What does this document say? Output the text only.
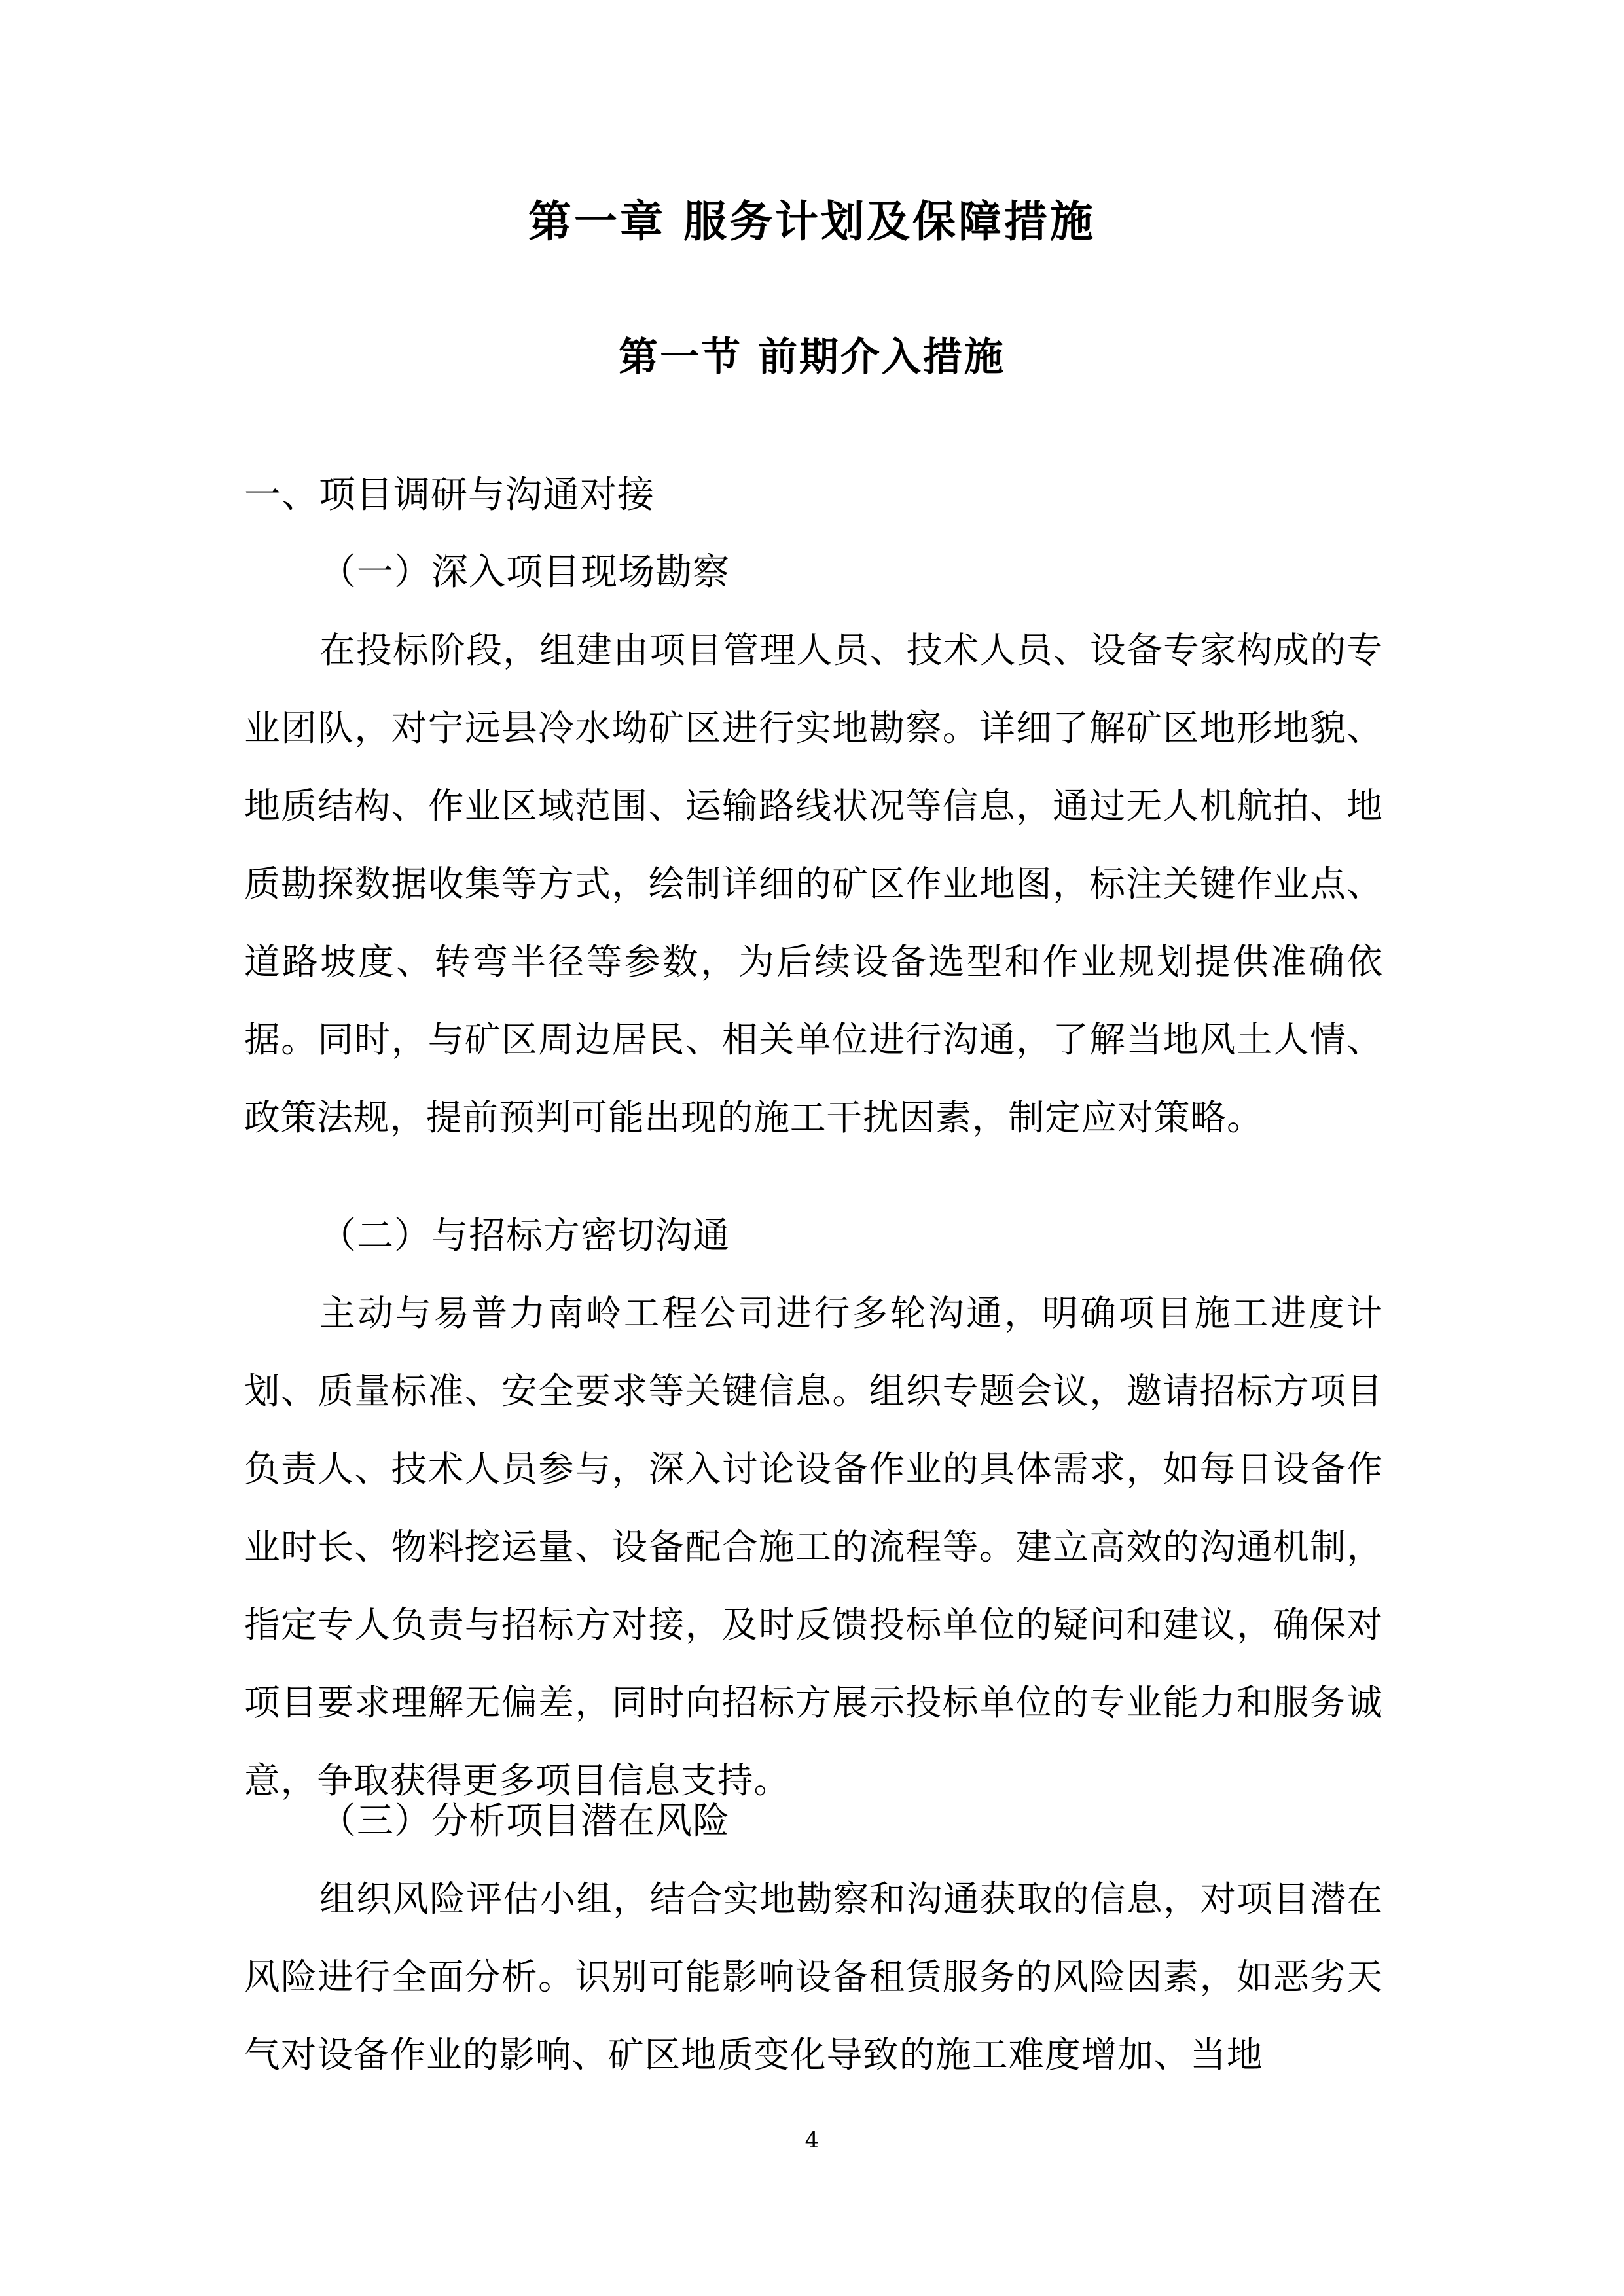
第一章 服务计划及保障措施
第一节 前期介入措施
一、项目调研与沟通对接
（一）深入项目现场勘察

在投标阶段，组建由项目管理人员、技术人员、设备专家构成的专业团队，对宁远县冷水坳矿区进行实地勘察。详细了解矿区地形地貌、地质结构、作业区域范围、运输路线状况等信息，通过无人机航拍、地质勘探数据收集等方式，绘制详细的矿区作业地图，标注关键作业点、道路坡度、转弯半径等参数，为后续设备选型和作业规划提供准确依据。同时，与矿区周边居民、相关单位进行沟通，了解当地风土人情、政策法规，提前预判可能出现的施工干扰因素，制定应对策略。

（二）与招标方密切沟通

主动与易普力南岭工程公司进行多轮沟通，明确项目施工进度计划、质量标准、安全要求等关键信息。组织专题会议，邀请招标方项目负责人、技术人员参与，深入讨论设备作业的具体需求，如每日设备作业时长、物料挖运量、设备配合施工的流程等。建立高效的沟通机制，指定专人负责与招标方对接，及时反馈投标单位的疑问和建议，确保对项目要求理解无偏差，同时向招标方展示投标单位的专业能力和服务诚意，争取获得更多项目信息支持。

（三）分析项目潜在风险

组织风险评估小组，结合实地勘察和沟通获取的信息，对项目潜在风险进行全面分析。识别可能影响设备租赁服务的风险因素，如恶劣天气对设备作业的影响、矿区地质变化导致的施工难度增加、当地

4
